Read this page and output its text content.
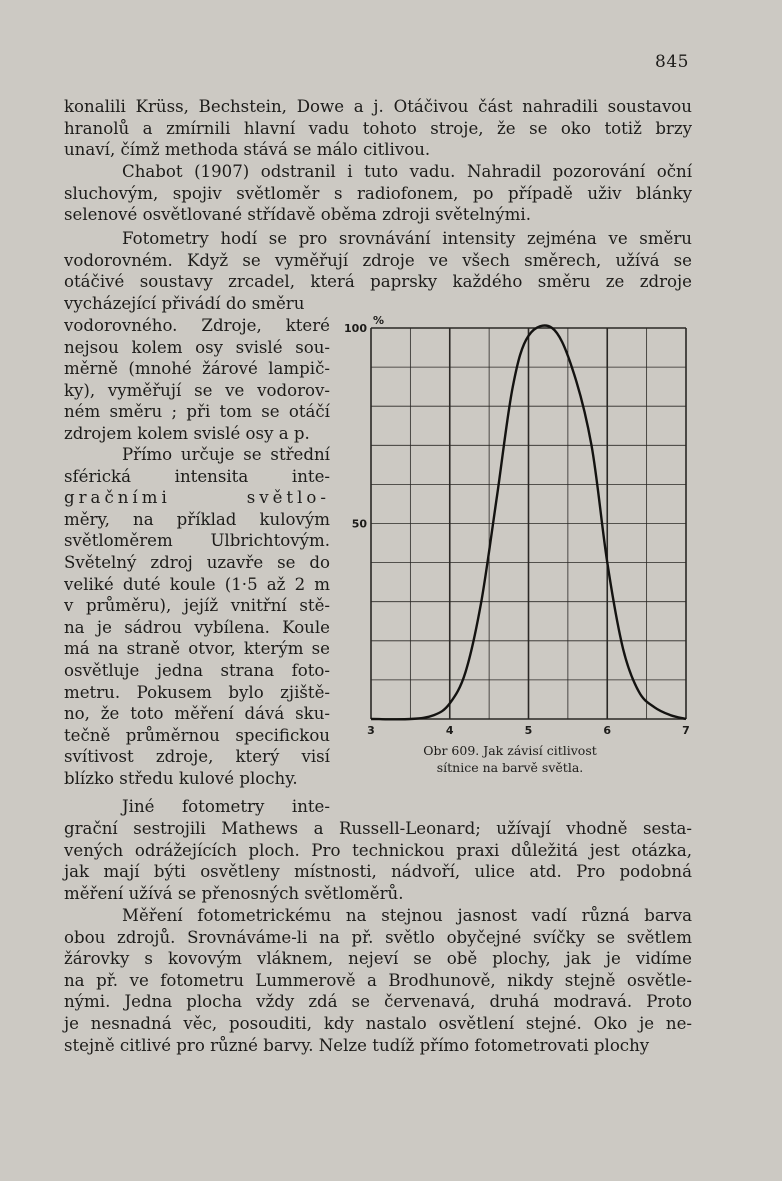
845
konalili Krüss, Bechstein, Dowe a j. Otáčivou část nahradili soustavou
hranolů a zmírnili hlavní vadu tohoto stroje, že se oko totiž brzy
unaví, čímž methoda stává se málo citlivou.
Chabot (1907) odstranil i tuto vadu. Nahradil pozorování oční
sluchovým, spojiv světloměr s radiofonem, po případě uživ blánky
selenové osvětlované střídavě oběma zdroji světelnými.
Fotometry hodí se pro srovnávání intensity zejména ve směru
vodorovném. Když se vyměřují zdroje ve všech směrech, užívá se
otáčivé soustavy zrcadel, která paprsky každého směru ze zdroje
vycházející přivádí do směru
vodorovného. Zdroje, které
nejsou kolem osy svislé sou-
měrně (mnohé žárové lampič-
ky), vyměřují se ve vodorov-
ném směru ; při tom se otáčí
zdrojem kolem svislé osy a p.
Přímo určuje se střední
sférická intensita inte-
gračními světlo-
měry, na příklad kulovým
světloměrem Ulbrichtovým.
Světelný zdroj uzavře se do
veliké duté koule (1·5 až 2 m
v průměru), jejíž vnitřní stě-
na je sádrou vybílena. Koule
má na straně otvor, kterým se
osvětluje jedna strana foto-
metru. Pokusem bylo zjiště-
no, že toto měření dává sku-
tečně průměrnou specifickou
svítivost zdroje, který visí
blízko středu kulové plochy.
Jiné fotometry inte-
grační sestrojili Mathews a Russell-Leonard; užívají vhodně sesta-
vených odrážejících ploch. Pro technickou praxi důležitá jest otázka,
jak mají býti osvětleny místnosti, nádvoří, ulice atd. Pro podobná
měření užívá se přenosných světloměrů.
Měření fotometrickému na stejnou jasnost vadí různá barva
obou zdrojů. Srovnáváme-li na př. světlo obyčejné svíčky se světlem
žárovky s kovovým vláknem, nejeví se obě plochy, jak je vidíme
na př. ve fotometru Lummerově a Brodhunově, nikdy stejně osvětle-
nými. Jedna plocha vždy zdá se červenavá, druhá modravá. Proto
je nesnadná věc, posouditi, kdy nastalo osvětlení stejné. Oko je ne-
stejně citlivé pro různé barvy. Nelze tudíž přímo fotometrovati plochy
3	4	5	6	7
100
50
%
Obr 609. Jak závisí citlivost
sítnice na barvě světla.
